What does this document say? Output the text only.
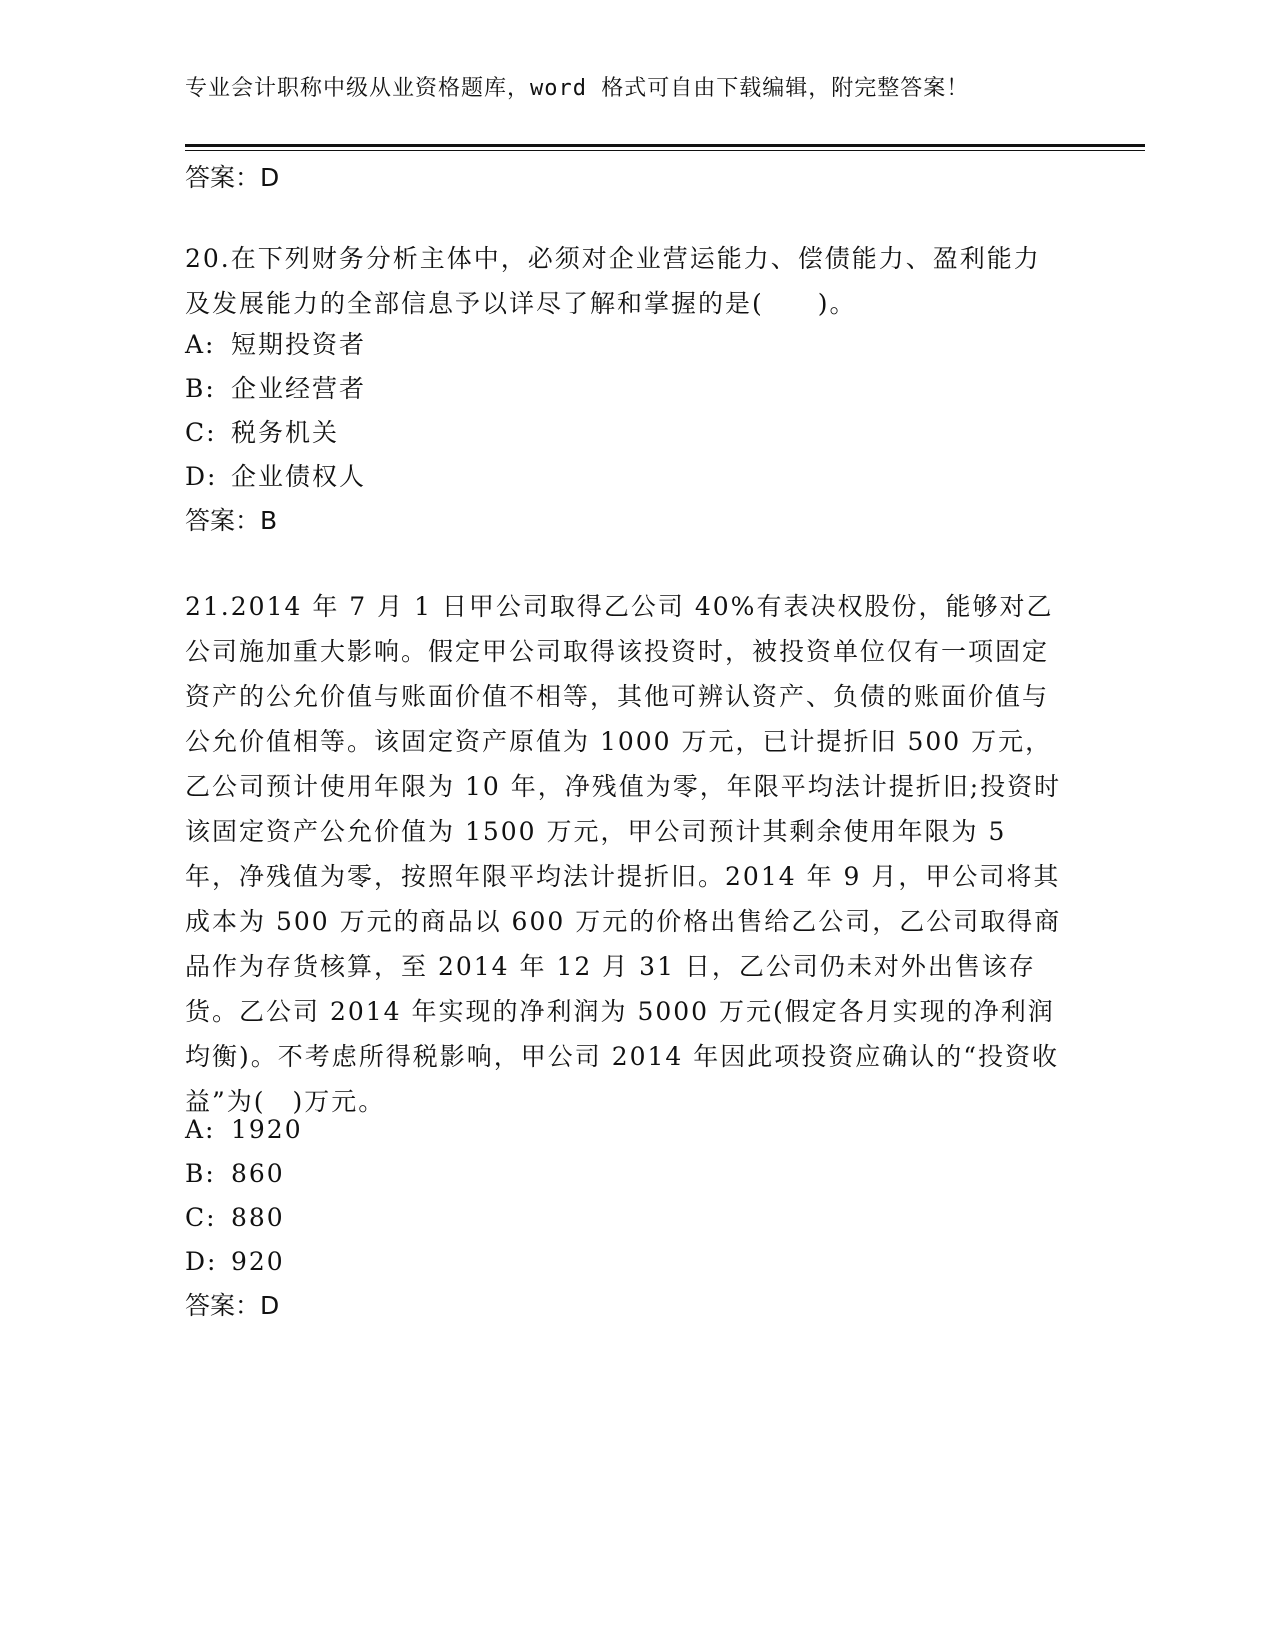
专业会计职称中级从业资格题库，word 格式可自由下载编辑，附完整答案！
答案：D
20.在下列财务分析主体中，必须对企业营运能力、偿债能力、盈利能力及发展能力的全部信息予以详尽了解和掌握的是(　　)。
A: 短期投资者
B: 企业经营者
C: 税务机关
D: 企业债权人
答案：B
21.2014 年 7 月 1 日甲公司取得乙公司 40%有表决权股份，能够对乙公司施加重大影响。假定甲公司取得该投资时，被投资单位仅有一项固定资产的公允价值与账面价值不相等，其他可辨认资产、负债的账面价值与公允价值相等。该固定资产原值为 1000 万元，已计提折旧 500 万元，乙公司预计使用年限为 10 年，净残值为零，年限平均法计提折旧;投资时该固定资产公允价值为 1500 万元，甲公司预计其剩余使用年限为 5 年，净残值为零，按照年限平均法计提折旧。2014 年 9 月，甲公司将其成本为 500 万元的商品以 600 万元的价格出售给乙公司，乙公司取得商品作为存货核算，至 2014 年 12 月 31 日，乙公司仍未对外出售该存货。乙公司 2014 年实现的净利润为 5000 万元(假定各月实现的净利润均衡)。不考虑所得税影响，甲公司 2014 年因此项投资应确认的“投资收益”为(　)万元。
A: 1920
B: 860
C: 880
D: 920
答案：D
